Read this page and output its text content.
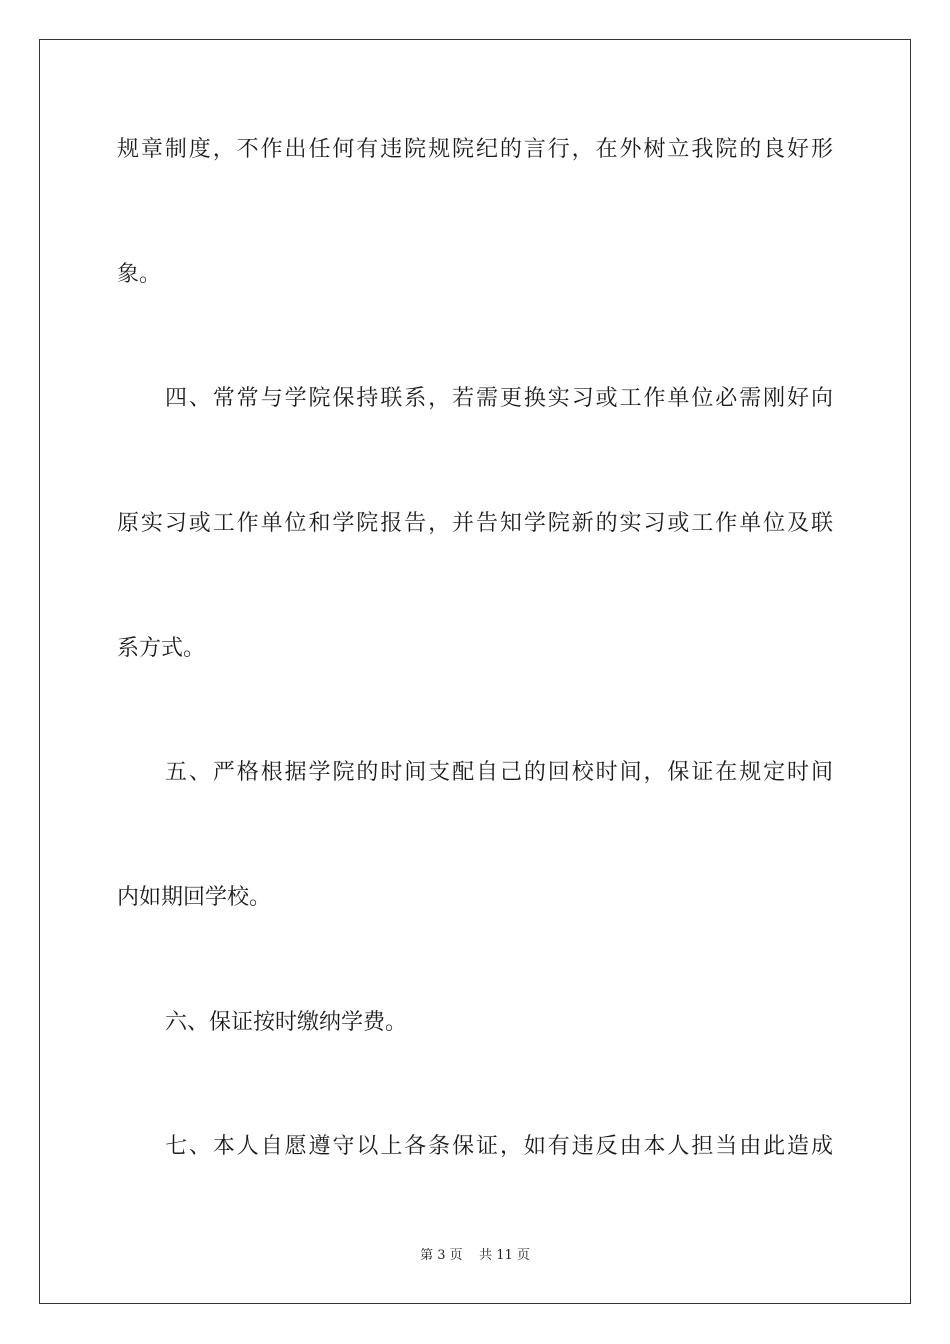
规章制度，不作出任何有违院规院纪的言行，在外树立我院的良好形
象。
四、常常与学院保持联系，若需更换实习或工作单位必需刚好向
原实习或工作单位和学院报告，并告知学院新的实习或工作单位及联
系方式。
五、严格根据学院的时间支配自己的回校时间，保证在规定时间
内如期回学校。
六、保证按时缴纳学费。
七、本人自愿遵守以上各条保证，如有违反由本人担当由此造成
第 3 页    共 11 页
